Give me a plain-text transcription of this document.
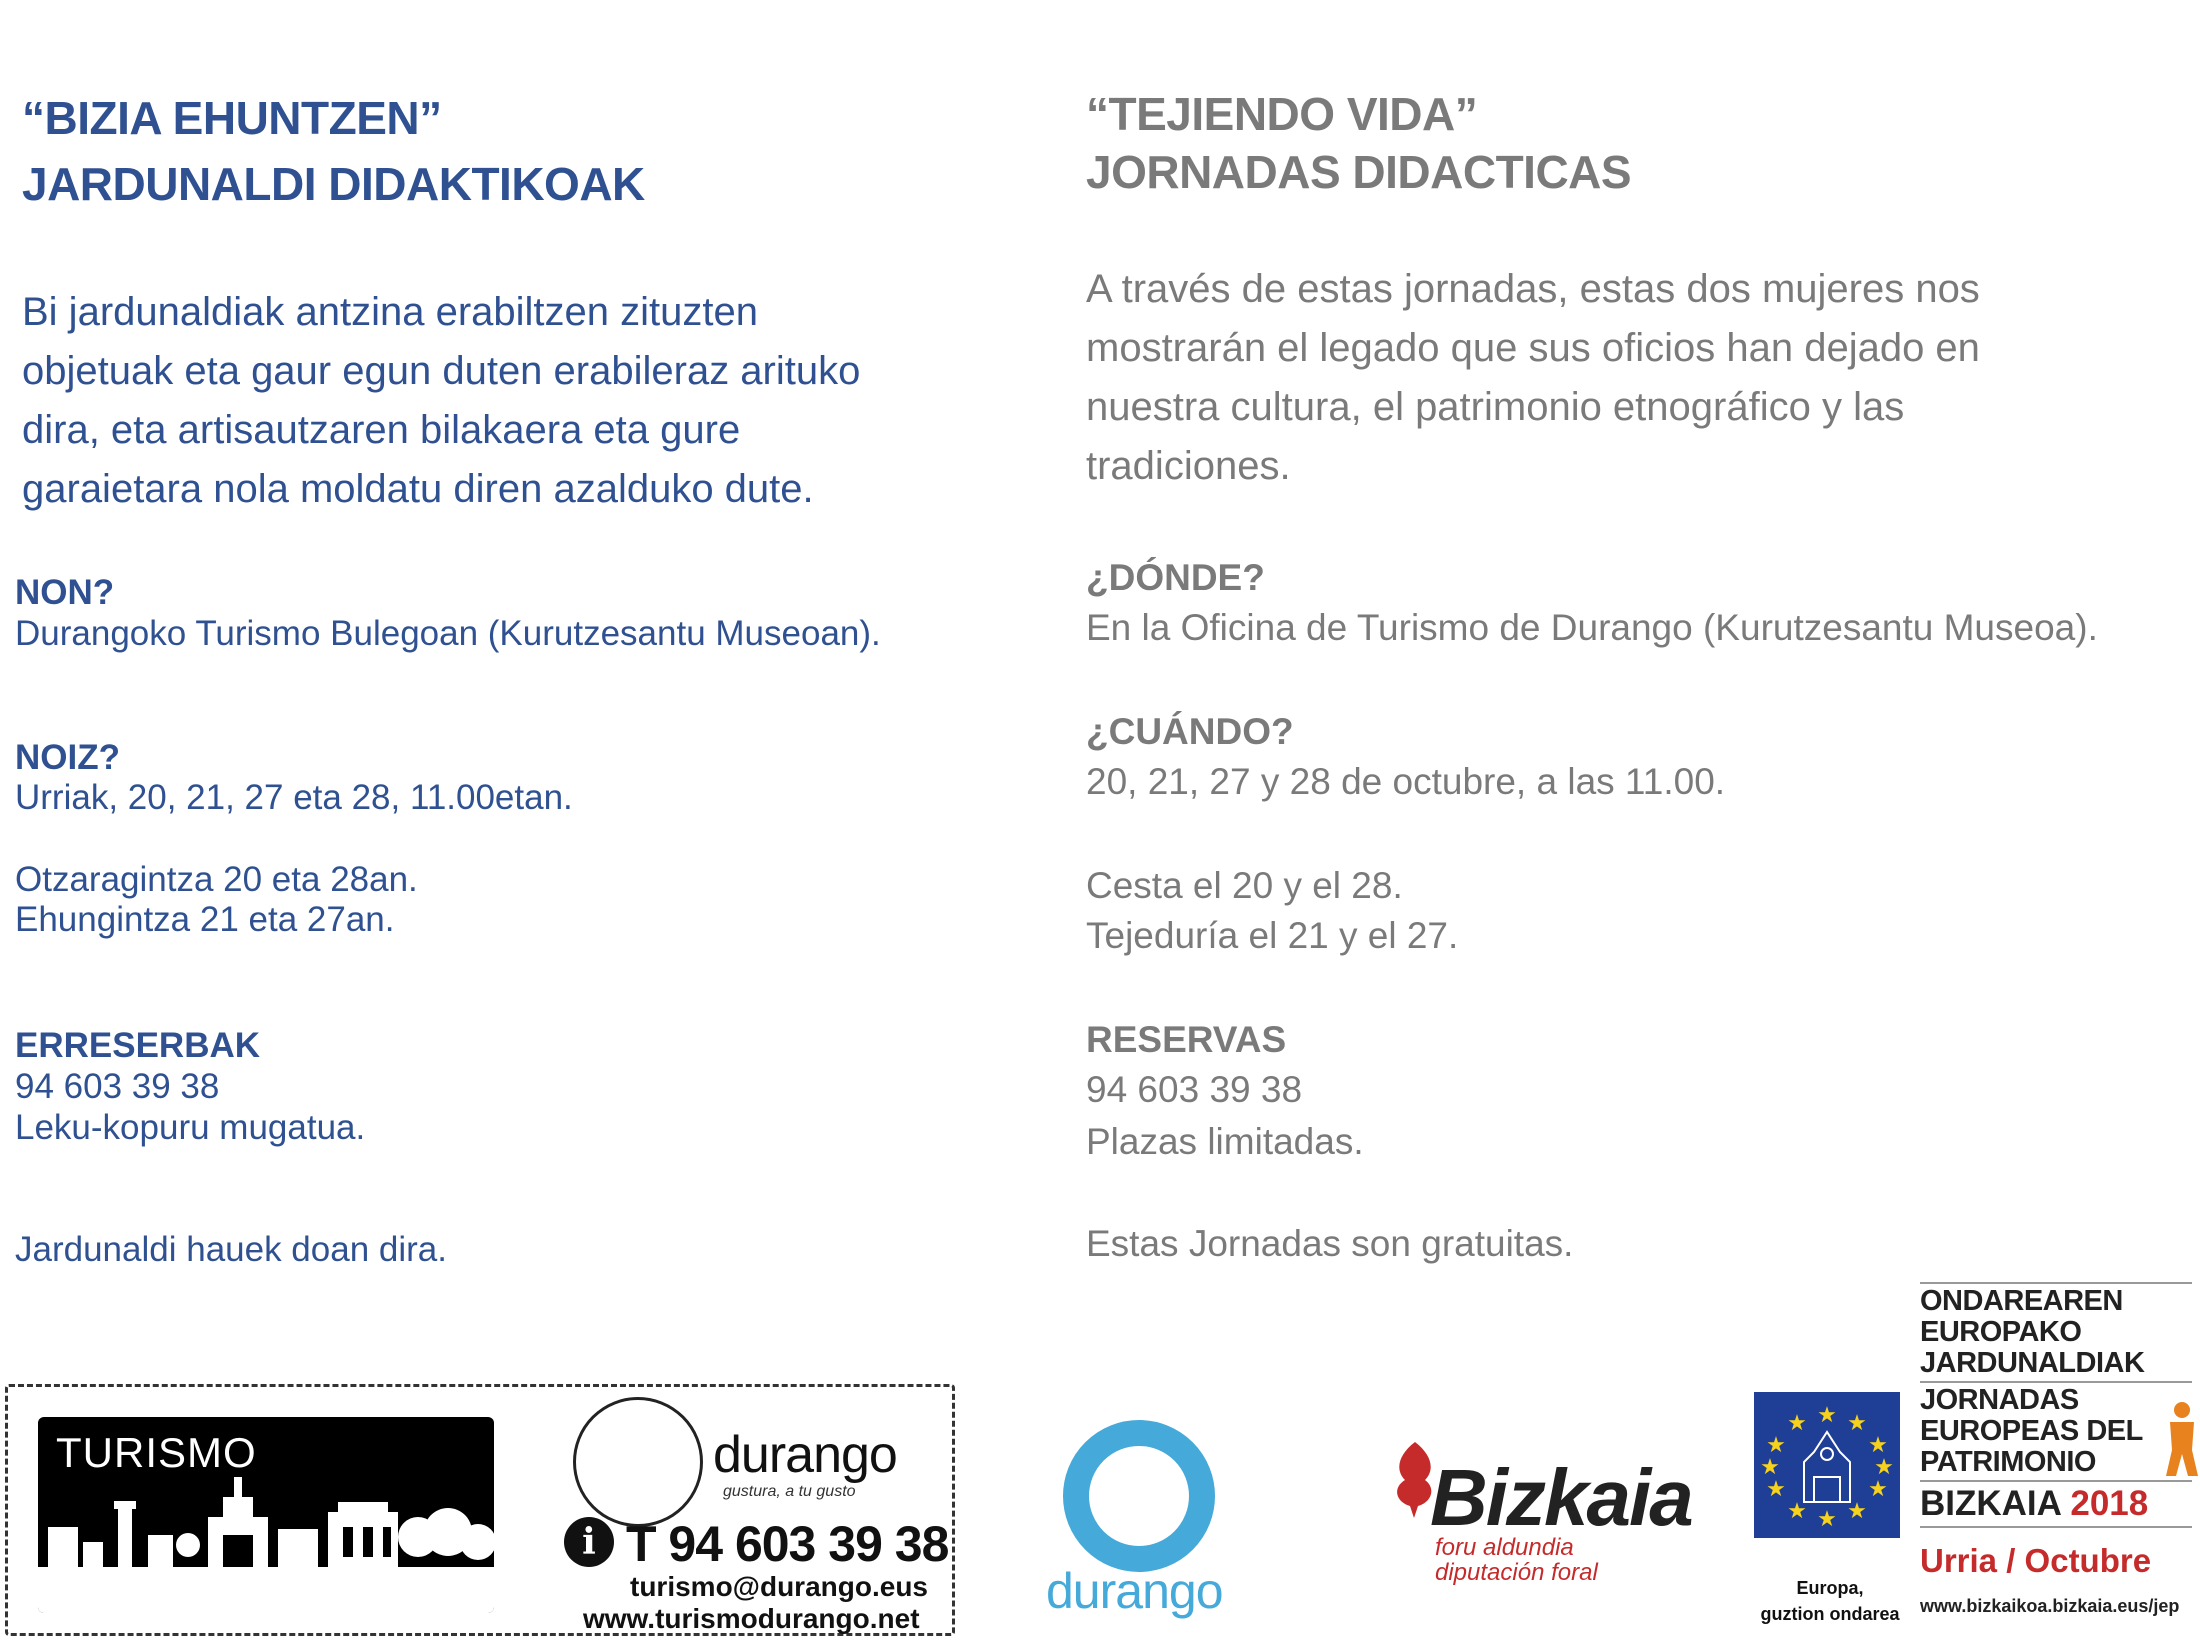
“BIZIA EHUNTZEN”
JARDUNALDI DIDAKTIKOAK
Bi jardunaldiak antzina erabiltzen zituzten
objetuak eta gaur egun duten erabileraz arituko
dira, eta artisautzaren bilakaera eta gure
garaietara nola moldatu diren azalduko dute.
NON?
Durangoko Turismo Bulegoan (Kurutzesantu Museoan).
NOIZ?
Urriak, 20, 21, 27 eta 28, 11.00etan.
Otzaragintza 20 eta 28an.
Ehungintza 21 eta 27an.
ERRESERBAK
94 603 39 38
Leku-kopuru mugatua.
Jardunaldi hauek doan dira.
“TEJIENDO VIDA”
JORNADAS DIDACTICAS
A través de estas jornadas, estas dos mujeres nos
mostrarán el legado que sus oficios han dejado en
nuestra cultura, el patrimonio etnográfico y las
tradiciones.
¿DÓNDE?
En la Oficina de Turismo de Durango (Kurutzesantu Museoa).
¿CUÁNDO?
20, 21, 27 y 28 de octubre, a las 11.00.
Cesta el 20 y el 28.
Tejeduría el 21 y el 27.
RESERVAS
94 603 39 38
Plazas limitadas.
Estas Jornadas son gratuitas.
TURISMO	durango
gustura, a tu gusto
i T 94 603 39 38
turismo@durango.eus
www.turismodurango.net	durango
Bizkaia
foru aldundia
diputación foral
★ ★
★
★
★
★
★
★
★
★
★
★
Europa,
guztion ondarea
ONDAREAREN
EUROPAKO
JARDUNALDIAK
JORNADAS
EUROPEAS DEL
PATRIMONIO
BIZKAIA 2018
Urria / Octubre
www.bizkaikoa.bizkaia.eus/jep
